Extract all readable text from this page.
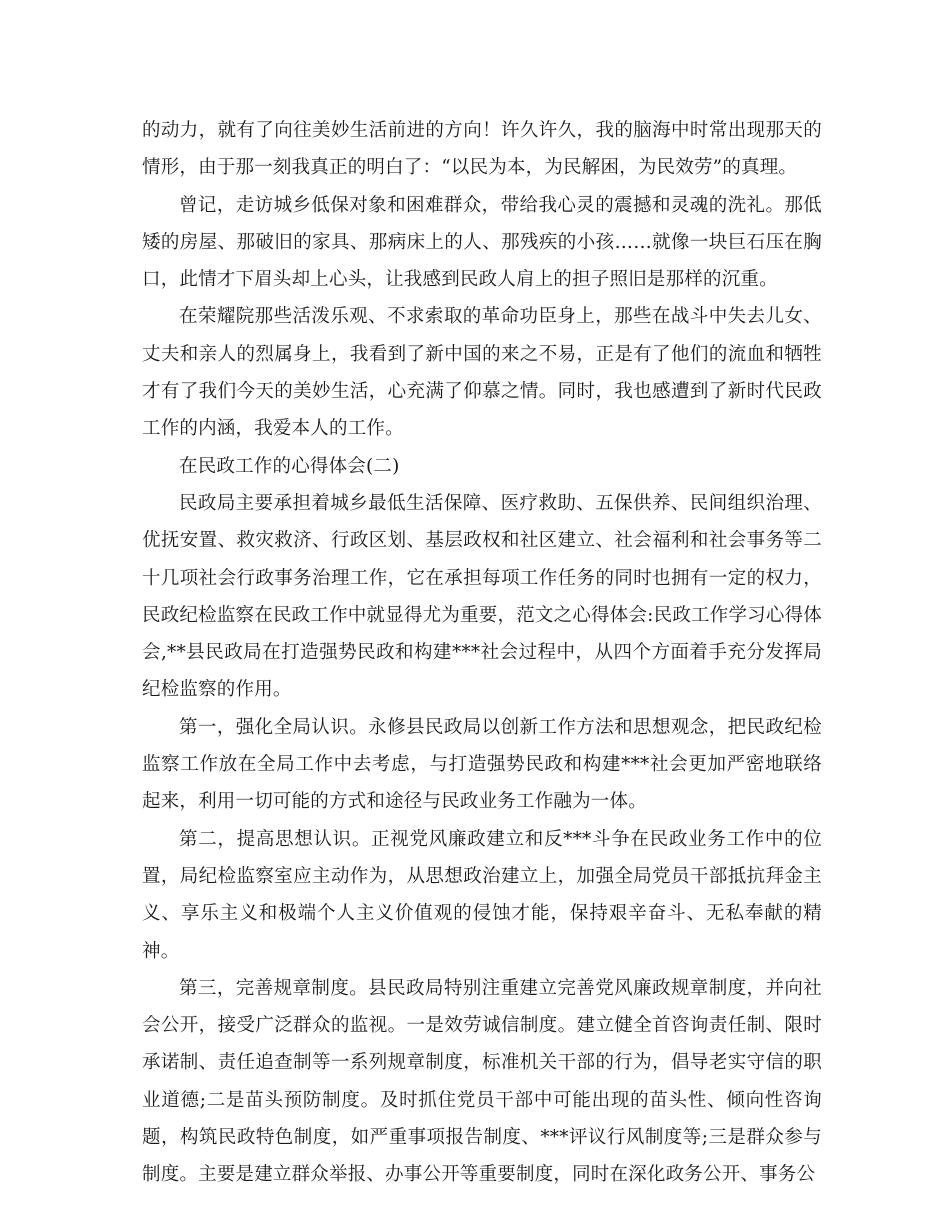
的动力，就有了向往美妙生活前进的方向！许久许久，我的脑海中时常出现那天的情形，由于那一刻我真正的明白了：“以民为本，为民解困，为民效劳”的真理。

曾记，走访城乡低保对象和困难群众，带给我心灵的震撼和灵魂的洗礼。那低矮的房屋、那破旧的家具、那病床上的人、那残疾的小孩……就像一块巨石压在胸口，此情才下眉头却上心头，让我感到民政人肩上的担子照旧是那样的沉重。

在荣耀院那些活泼乐观、不求索取的革命功臣身上，那些在战斗中失去儿女、丈夫和亲人的烈属身上，我看到了新中国的来之不易，正是有了他们的流血和牺牲才有了我们今天的美妙生活，心充满了仰慕之情。同时，我也感遭到了新时代民政工作的内涵，我爱本人的工作。

在民政工作的心得体会(二)

民政局主要承担着城乡最低生活保障、医疗救助、五保供养、民间组织治理、优抚安置、救灾救济、行政区划、基层政权和社区建立、社会福利和社会事务等二十几项社会行政事务治理工作，它在承担每项工作任务的同时也拥有一定的权力，民政纪检监察在民政工作中就显得尤为重要，范文之心得体会:民政工作学习心得体会,**县民政局在打造强势民政和构建***社会过程中，从四个方面着手充分发挥局纪检监察的作用。

第一，强化全局认识。永修县民政局以创新工作方法和思想观念，把民政纪检监察工作放在全局工作中去考虑，与打造强势民政和构建***社会更加严密地联络起来，利用一切可能的方式和途径与民政业务工作融为一体。

第二，提高思想认识。正视党风廉政建立和反***斗争在民政业务工作中的位置，局纪检监察室应主动作为，从思想政治建立上，加强全局党员干部抵抗拜金主义、享乐主义和极端个人主义价值观的侵蚀才能，保持艰辛奋斗、无私奉献的精神。

第三，完善规章制度。县民政局特别注重建立完善党风廉政规章制度，并向社会公开，接受广泛群众的监视。一是效劳诚信制度。建立健全首咨询责任制、限时承诺制、责任追查制等一系列规章制度，标准机关干部的行为，倡导老实守信的职业道德;二是苗头预防制度。及时抓住党员干部中可能出现的苗头性、倾向性咨询题，构筑民政特色制度，如严重事项报告制度、***评议行风制度等;三是群众参与制度。主要是建立群众举报、办事公开等重要制度，同时在深化政务公开、事务公
